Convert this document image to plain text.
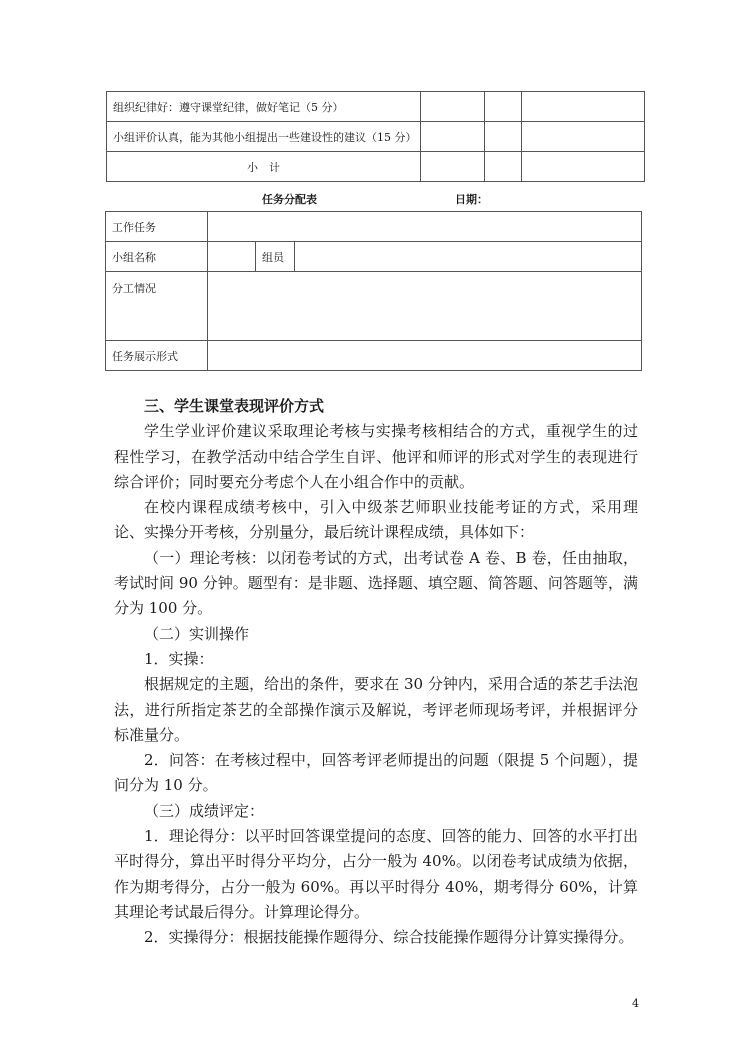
组织纪律好：遵守课堂纪律，做好笔记（5 分）			
小组评价认真，能为其他小组提出一些建设性的建议（15 分）			
小　计			
任务分配表	日期：
工作任务			
小组名称		组员	
分工情况			
任务展示形式			
三、学生课堂表现评价方式

学生学业评价建议采取理论考核与实操考核相结合的方式，重视学生的过程性学习，在教学活动中结合学生自评、他评和师评的形式对学生的表现进行综合评价；同时要充分考虑个人在小组合作中的贡献。

在校内课程成绩考核中，引入中级茶艺师职业技能考证的方式，采用理论、实操分开考核，分别量分，最后统计课程成绩，具体如下：

（一）理论考核：以闭卷考试的方式，出考试卷 A 卷、B 卷，任由抽取，考试时间 90 分钟。题型有：是非题、选择题、填空题、简答题、问答题等，满分为 100 分。

（二）实训操作

1．实操：

根据规定的主题，给出的条件，要求在 30 分钟内，采用合适的茶艺手法泡法，进行所指定茶艺的全部操作演示及解说，考评老师现场考评，并根据评分标准量分。

2．问答：在考核过程中，回答考评老师提出的问题（限提 5 个问题），提问分为 10 分。

（三）成绩评定：

1．理论得分：以平时回答课堂提问的态度、回答的能力、回答的水平打出平时得分，算出平时得分平均分，占分一般为 40%。以闭卷考试成绩为依据，作为期考得分，占分一般为 60%。再以平时得分 40%，期考得分 60%，计算其理论考试最后得分。计算理论得分。

2．实操得分：根据技能操作题得分、综合技能操作题得分计算实操得分。

4
